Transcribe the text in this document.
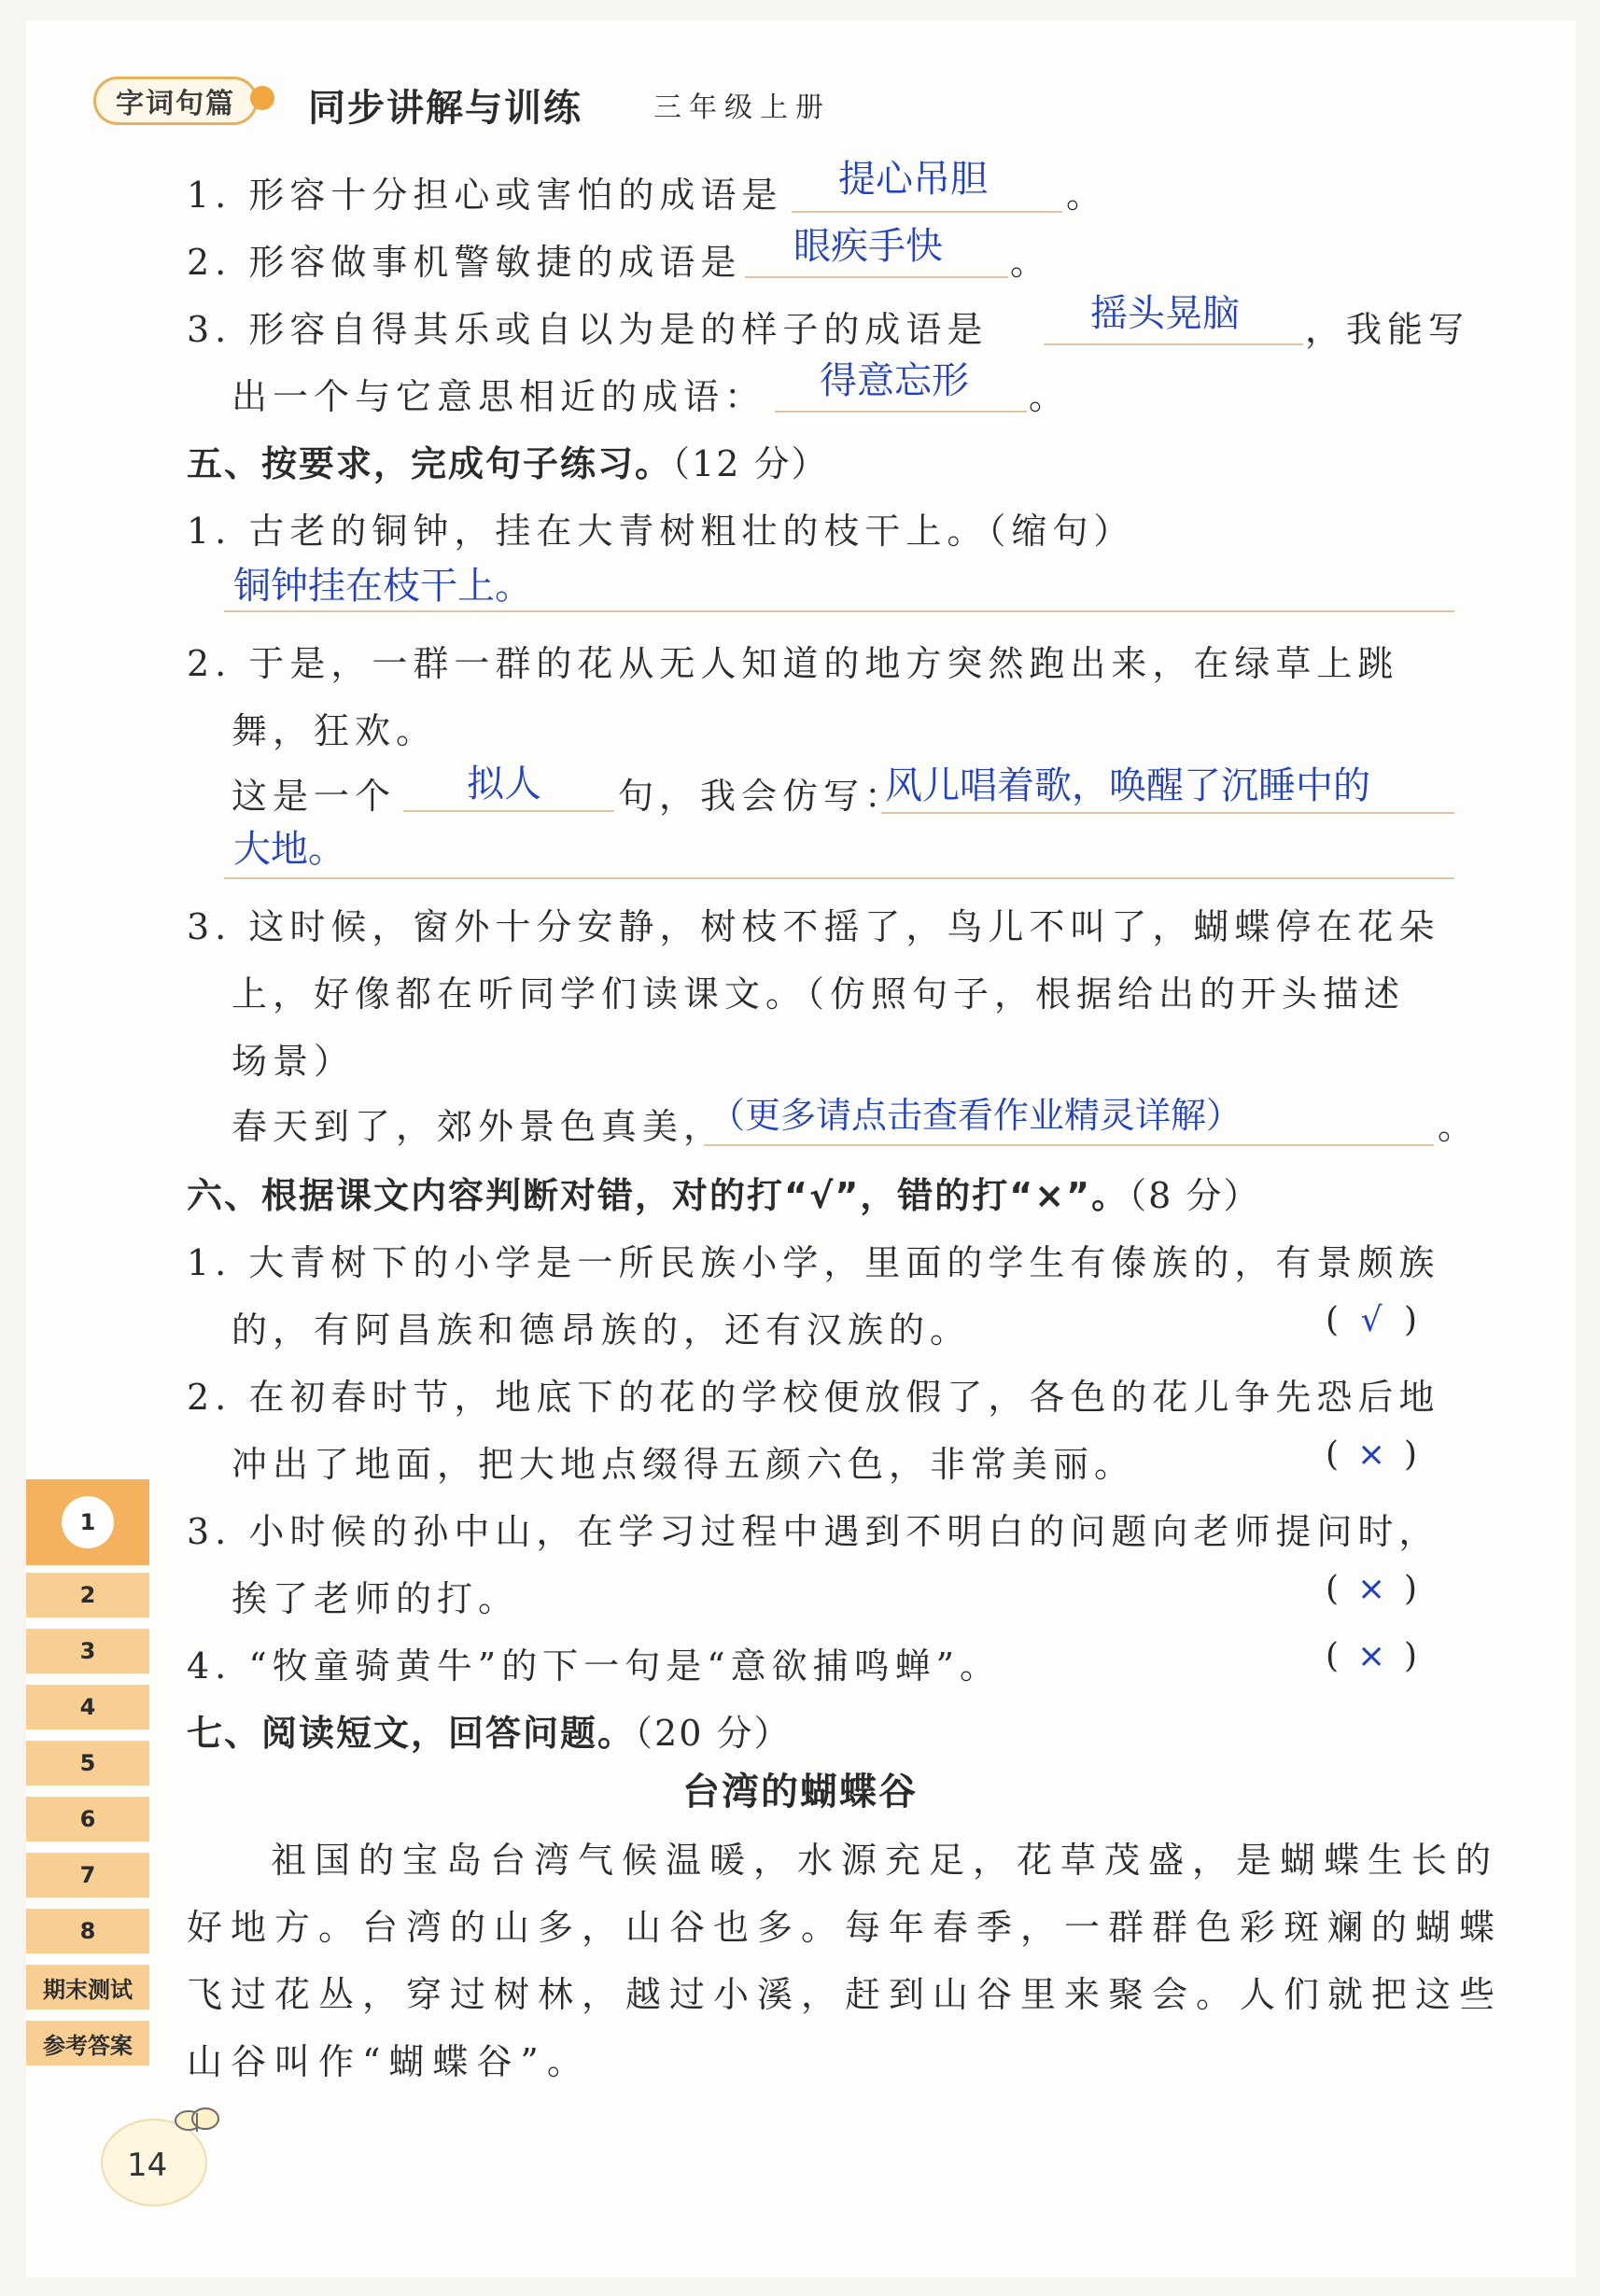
字词句篇	同步讲解与训练	三年级上册
1. 形容十分担心或害怕的成语是 提心吊胆 。
2. 形容做事机警敏捷的成语是 眼疾手快 。
3. 形容自得其乐或自以为是的样子的成语是	摇头晃脑 ，我能写
出一个与它意思相近的成语： 得意忘形 。
五、按要求，完成句子练习。（12 分）
1. 古老的铜钟，挂在大青树粗壮的枝干上。（缩句）
铜钟挂在枝干上。
2. 于是，一群一群的花从无人知道的地方突然跑出来，在绿草上跳
舞，狂欢。
这是一个 拟人 句，我会仿写：
风儿唱着歌，唤醒了沉睡中的
大地。
3. 这时候，窗外十分安静，树枝不摇了，鸟儿不叫了，蝴蝶停在花朵
上，好像都在听同学们读课文。（仿照句子，根据给出的开头描述
场景）
春天到了，郊外景色真美，
（更多请点击查看作业精灵详解）	。
六、根据课文内容判断对错，对的打“√”，错的打“×”。（8 分）
1. 大青树下的小学是一所民族小学，里面的学生有傣族的，有景颇族
的，有阿昌族和德昂族的，还有汉族的。	( √ )
2. 在初春时节，地底下的花的学校便放假了，各色的花儿争先恐后地
冲出了地面，把大地点缀得五颜六色，非常美丽。	( × )
3. 小时候的孙中山，在学习过程中遇到不明白的问题向老师提问时，
挨了老师的打。	( × )
4. “牧童骑黄牛”的下一句是“意欲捕鸣蝉”。	( × )
七、阅读短文，回答问题。（20 分）
台湾的蝴蝶谷
祖国的宝岛台湾气候温暖，水源充足，花草茂盛，是蝴蝶生长的
好地方。台湾的山多，山谷也多。每年春季，一群群色彩斑斓的蝴蝶
飞过花丛，穿过树林，越过小溪，赶到山谷里来聚会。人们就把这些
山谷叫作“蝴蝶谷”。
1
2
3
4
5
6
7
8
期末测试
参考答案
14
